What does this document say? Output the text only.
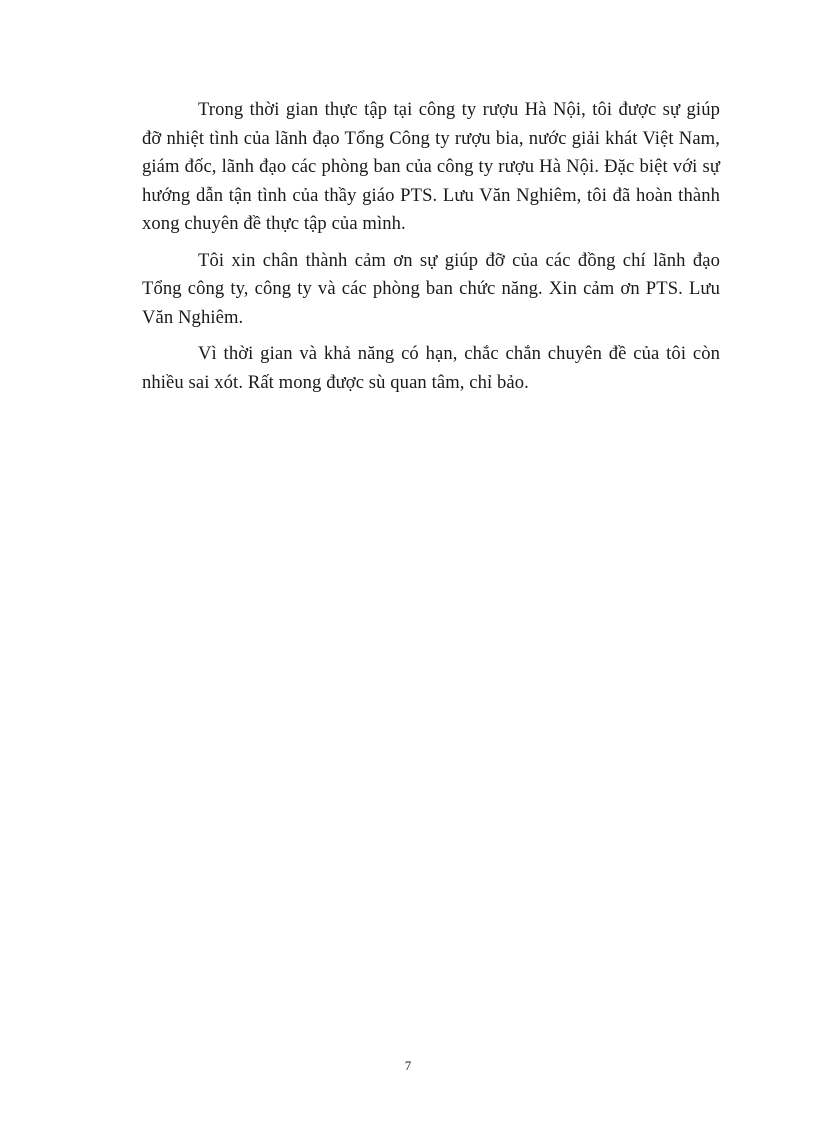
Trong thời gian thực tập tại công ty rượu Hà Nội, tôi được sự giúp đỡ nhiệt tình của lãnh đạo Tổng Công ty rượu bia, nước giải khát Việt Nam, giám đốc, lãnh đạo các phòng ban của công ty rượu Hà Nội. Đặc biệt với sự hướng dẫn tận tình của thầy giáo PTS. Lưu Văn Nghiêm, tôi đã hoàn thành xong chuyên đề thực tập của mình.

Tôi xin chân thành cảm ơn sự giúp đỡ của các đồng chí lãnh đạo Tổng công ty, công ty và các phòng ban chức năng. Xin cảm ơn PTS. Lưu Văn Nghiêm.

Vì thời gian và khả năng có hạn, chắc chắn chuyên đề của tôi còn nhiều sai xót. Rất mong được sù quan tâm, chỉ bảo.

7
